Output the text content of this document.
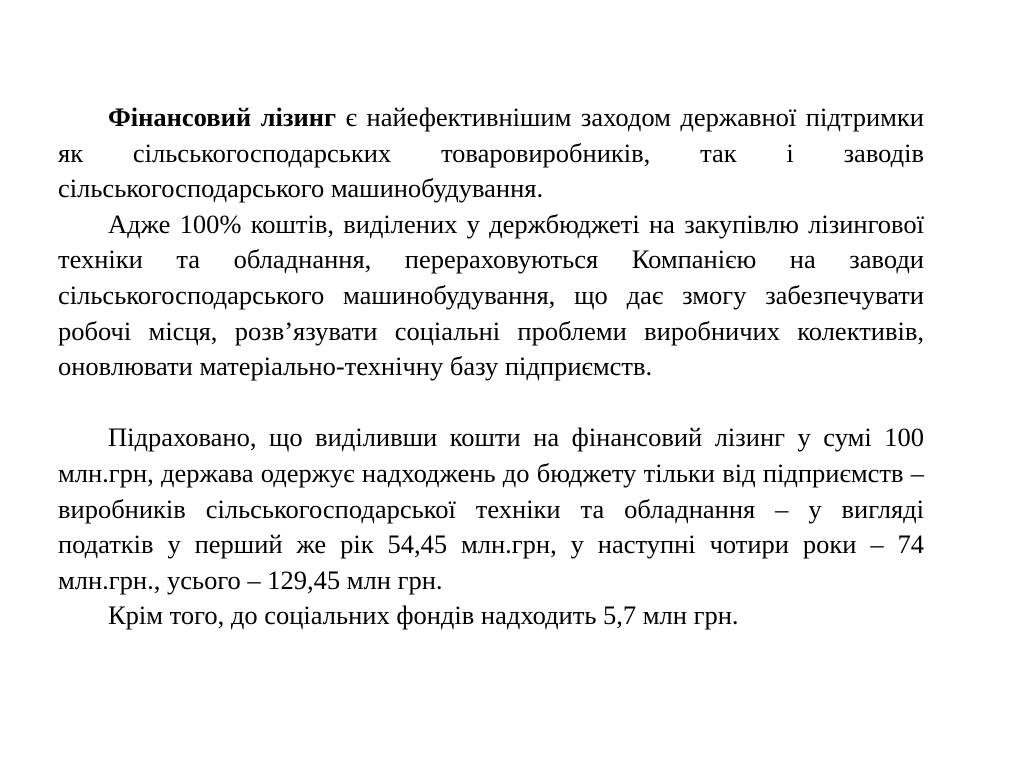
Фінансовий лізинг є найефективнішим заходом державної підтримки як сільськогосподарських товаровиробників, так і заводів сільськогосподарського машинобудування.

Адже 100% коштів, виділених у держбюджеті на закупівлю лізингової техніки та обладнання, перераховуються Компанією на заводи сільськогосподарського машинобудування, що дає змогу забезпечувати робочі місця, розв’язувати соціальні проблеми виробничих колективів, оновлювати матеріально-технічну базу підприємств.

Підраховано, що виділивши кошти на фінансовий лізинг у сумі 100 млн.грн, держава одержує надходжень до бюджету тільки від підприємств – виробників сільськогосподарської техніки та обладнання – у вигляді податків у перший же рік 54,45 млн.грн, у наступні чотири роки – 74 млн.грн., усього – 129,45 млн грн.

Крім того, до соціальних фондів надходить 5,7 млн грн.
